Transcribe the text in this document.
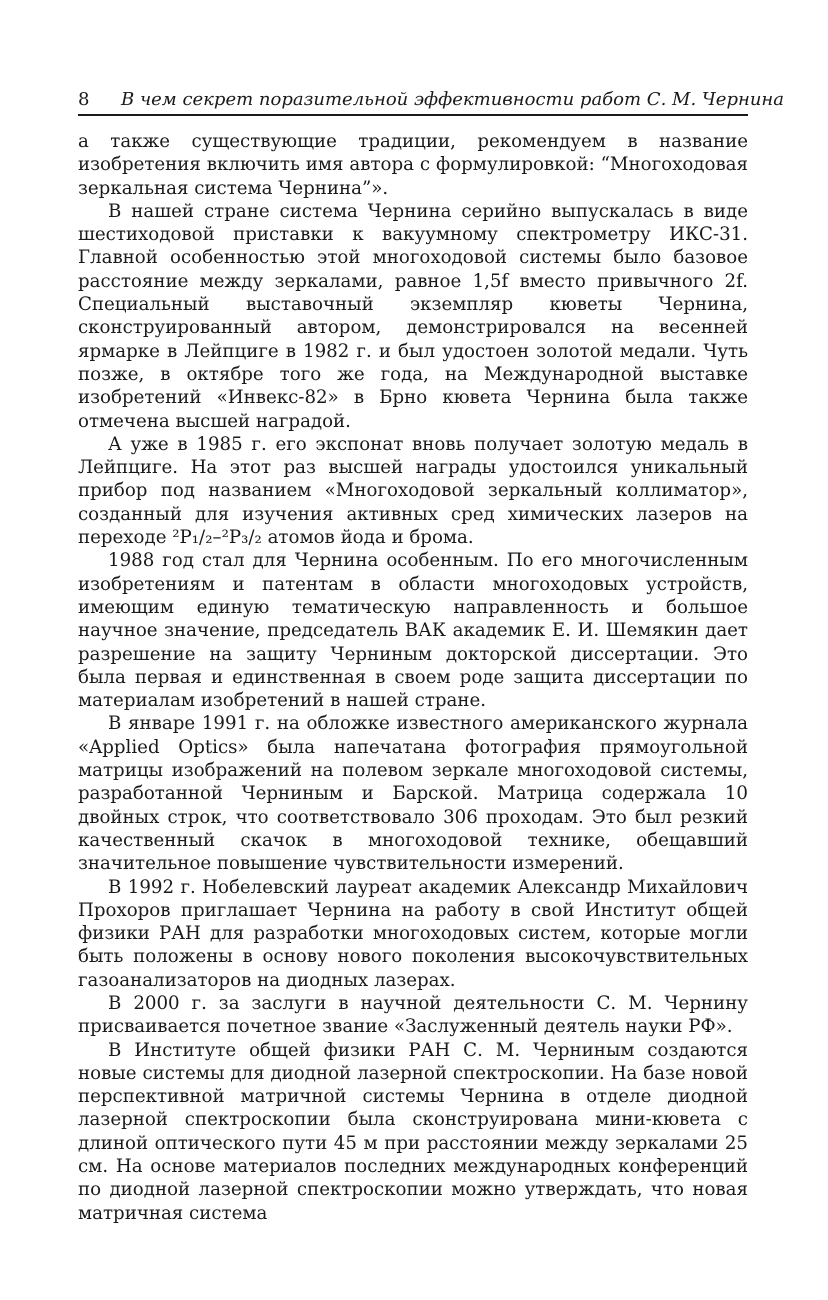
8 В чем секрет поразительной эффективности работ С. М. Чернина

а также существующие традиции, рекомендуем в название изобретения включить имя автора с формулировкой: “Многоходовая зеркальная система Чернина”».

В нашей стране система Чернина серийно выпускалась в виде шестиходовой приставки к вакуумному спектрометру ИКС-31. Главной особенностью этой многоходовой системы было базовое расстояние между зеркалами, равное 1,5f вместо привычного 2f. Специальный выставочный экземпляр кюветы Чернина, сконструированный автором, демонстрировался на весенней ярмарке в Лейпциге в 1982 г. и был удостоен золотой медали. Чуть позже, в октябре того же года, на Международной выставке изобретений «Инвекс-82» в Брно кювета Чернина была также отмечена высшей наградой.

А уже в 1985 г. его экспонат вновь получает золотую медаль в Лейпциге. На этот раз высшей награды удостоился уникальный прибор под названием «Многоходовой зеркальный коллиматор», созданный для изучения активных сред химических лазеров на переходе ²P₁/₂–²P₃/₂ атомов йода и брома.

1988 год стал для Чернина особенным. По его многочисленным изобретениям и патентам в области многоходовых устройств, имеющим единую тематическую направленность и большое научное значение, председатель ВАК академик Е. И. Шемякин дает разрешение на защиту Черниным докторской диссертации. Это была первая и единственная в своем роде защита диссертации по материалам изобретений в нашей стране.

В январе 1991 г. на обложке известного американского журнала «Applied Optics» была напечатана фотография прямоугольной матрицы изображений на полевом зеркале многоходовой системы, разработанной Черниным и Барской. Матрица содержала 10 двойных строк, что соответствовало 306 проходам. Это был резкий качественный скачок в многоходовой технике, обещавший значительное повышение чувствительности измерений.

В 1992 г. Нобелевский лауреат академик Александр Михайлович Прохоров приглашает Чернина на работу в свой Институт общей физики РАН для разработки многоходовых систем, которые могли быть положены в основу нового поколения высокочувствительных газоанализаторов на диодных лазерах.

В 2000 г. за заслуги в научной деятельности С. М. Чернину присваивается почетное звание «Заслуженный деятель науки РФ».

В Институте общей физики РАН С. М. Черниным создаются новые системы для диодной лазерной спектроскопии. На базе новой перспективной матричной системы Чернина в отделе диодной лазерной спектроскопии была сконструирована мини-кювета с длиной оптического пути 45 м при расстоянии между зеркалами 25 см. На основе материалов последних международных конференций по диодной лазерной спектроскопии можно утверждать, что новая матричная система
